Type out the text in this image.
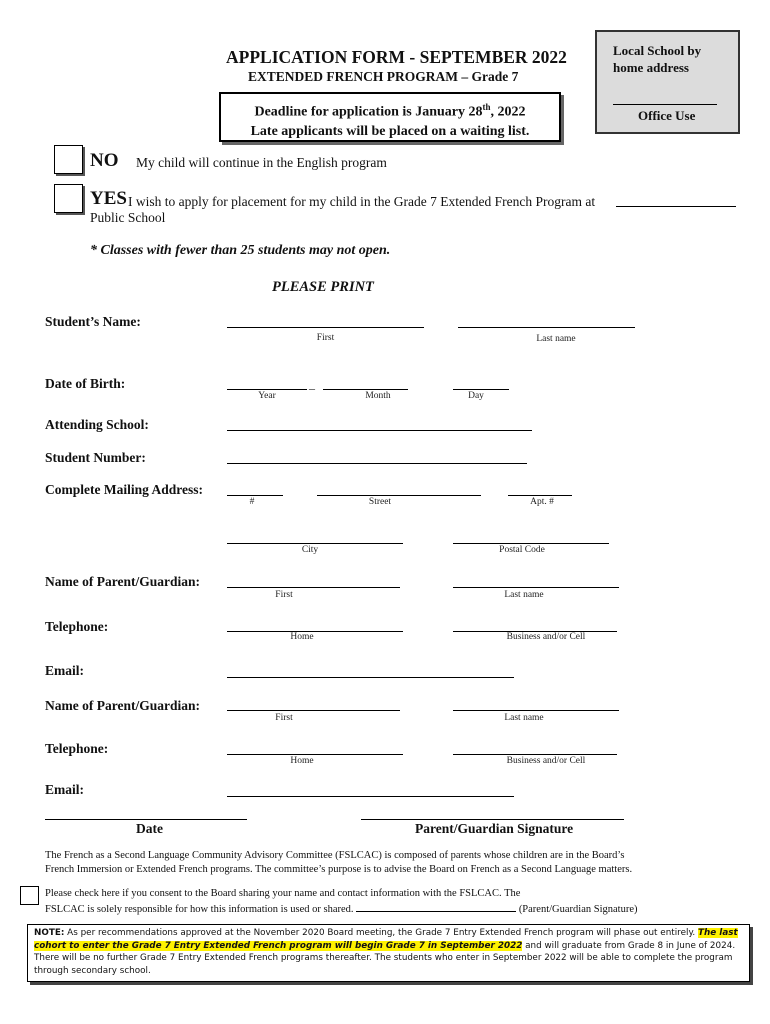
APPLICATION FORM - SEPTEMBER 2022
EXTENDED FRENCH PROGRAM – Grade 7
Deadline for application is January 28th, 2022
Late applicants will be placed on a waiting list.
Local School by
home address
Office Use
NO My child will continue in the English program
YES I wish to apply for placement for my child in the Grade 7 Extended French Program at
Public School
* Classes with fewer than 25 students may not open.
PLEASE PRINT
Student’s Name:
First	Last name
Date of Birth:	_
Year	Month	Day
Attending School:
Student Number:
Complete Mailing Address:
#	Street	Apt. #
City	Postal Code
Name of Parent/Guardian:
First	Last name
Telephone:
Home	Business and/or Cell
Email:
Name of Parent/Guardian:
First	Last name
Telephone:
Home	Business and/or Cell
Email:
Date	Parent/Guardian Signature
The French as a Second Language Community Advisory Committee (FSLCAC) is composed of parents whose children are in the Board’s
French Immersion or Extended French programs. The committee’s purpose is to advise the Board on French as a Second Language matters.
Please check here if you consent to the Board sharing your name and contact information with the FSLCAC. The
FSLCAC is solely responsible for how this information is used or shared.	(Parent/Guardian Signature)
NOTE: As per recommendations approved at the November 2020 Board meeting, the Grade 7 Entry Extended French program will phase out entirely. The last cohort to enter the Grade 7 Entry Extended French program will begin Grade 7 in September 2022 and will graduate from Grade 8 in June of 2024. There will be no further Grade 7 Entry Extended French programs thereafter. The students who enter in September 2022 will be able to complete the program through secondary school.
